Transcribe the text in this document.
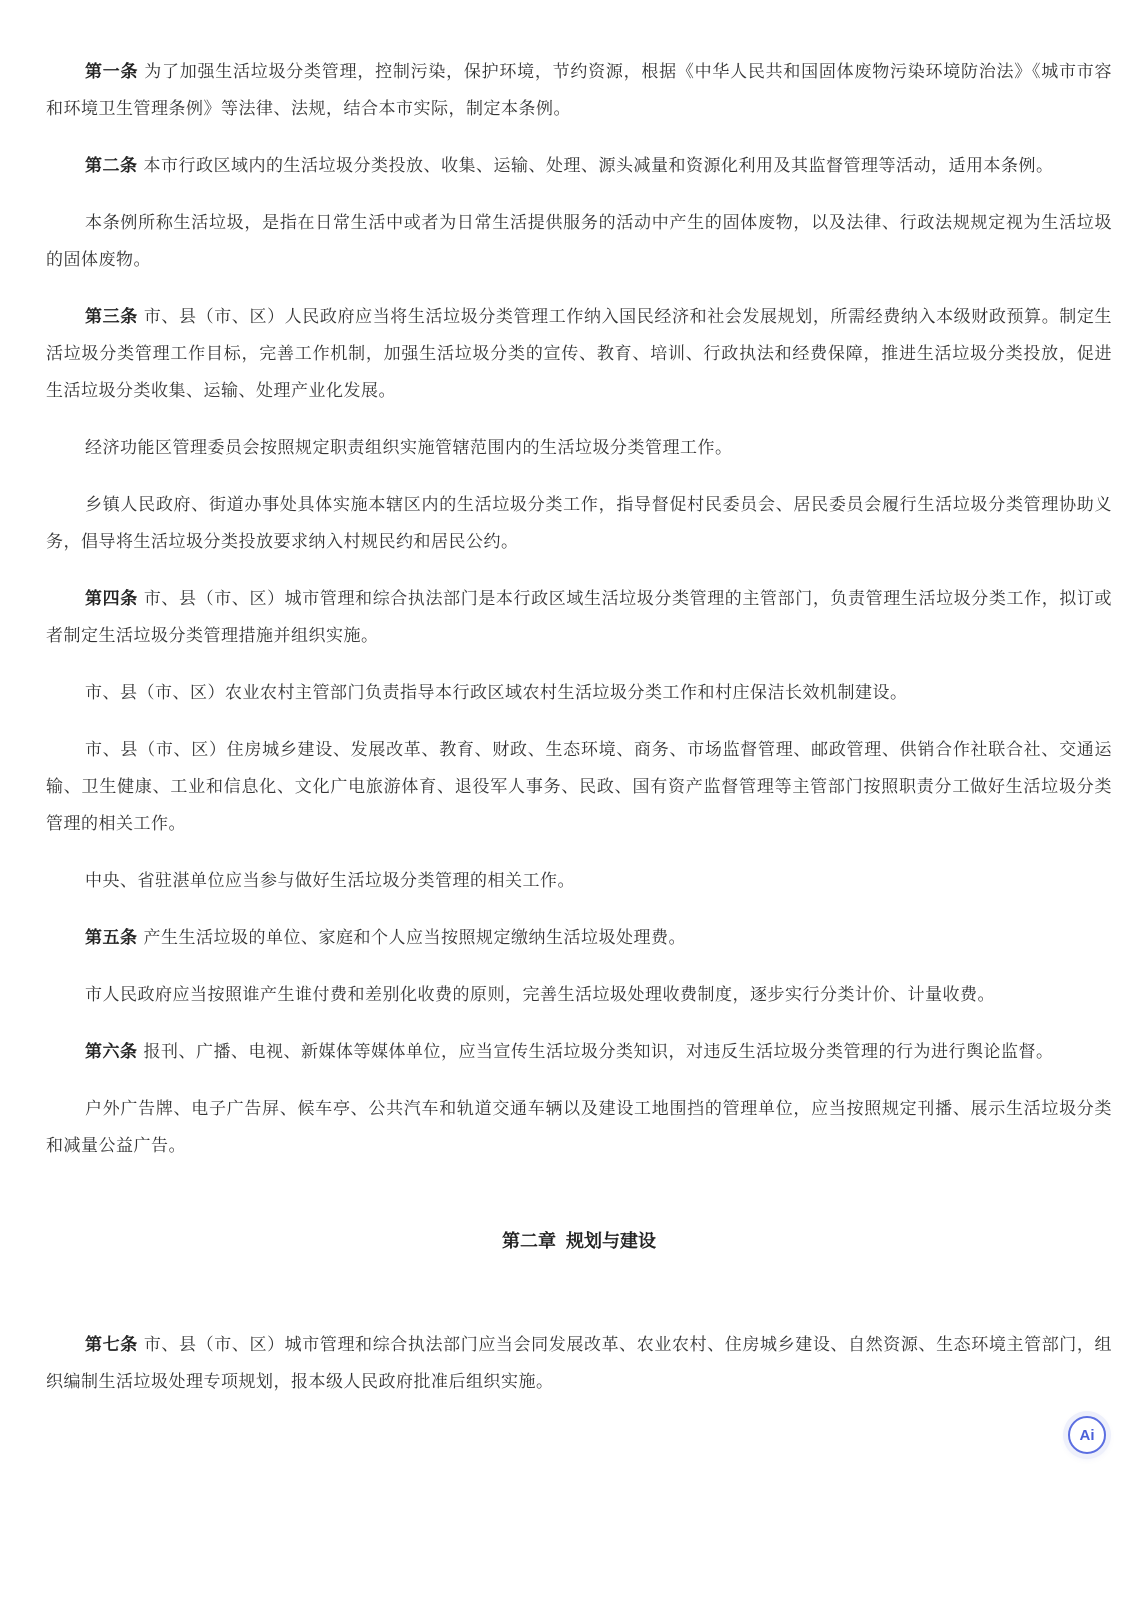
第一条 为了加强生活垃圾分类管理，控制污染，保护环境，节约资源，根据《中华人民共和国固体废物污染环境防治法》《城市市容和环境卫生管理条例》等法律、法规，结合本市实际，制定本条例。

第二条 本市行政区域内的生活垃圾分类投放、收集、运输、处理、源头减量和资源化利用及其监督管理等活动，适用本条例。

本条例所称生活垃圾，是指在日常生活中或者为日常生活提供服务的活动中产生的固体废物，以及法律、行政法规规定视为生活垃圾的固体废物。

第三条 市、县（市、区）人民政府应当将生活垃圾分类管理工作纳入国民经济和社会发展规划，所需经费纳入本级财政预算。制定生活垃圾分类管理工作目标，完善工作机制，加强生活垃圾分类的宣传、教育、培训、行政执法和经费保障，推进生活垃圾分类投放，促进生活垃圾分类收集、运输、处理产业化发展。

经济功能区管理委员会按照规定职责组织实施管辖范围内的生活垃圾分类管理工作。

乡镇人民政府、街道办事处具体实施本辖区内的生活垃圾分类工作，指导督促村民委员会、居民委员会履行生活垃圾分类管理协助义务，倡导将生活垃圾分类投放要求纳入村规民约和居民公约。

第四条 市、县（市、区）城市管理和综合执法部门是本行政区域生活垃圾分类管理的主管部门，负责管理生活垃圾分类工作，拟订或者制定生活垃圾分类管理措施并组织实施。

市、县（市、区）农业农村主管部门负责指导本行政区域农村生活垃圾分类工作和村庄保洁长效机制建设。

市、县（市、区）住房城乡建设、发展改革、教育、财政、生态环境、商务、市场监督管理、邮政管理、供销合作社联合社、交通运输、卫生健康、工业和信息化、文化广电旅游体育、退役军人事务、民政、国有资产监督管理等主管部门按照职责分工做好生活垃圾分类管理的相关工作。

中央、省驻湛单位应当参与做好生活垃圾分类管理的相关工作。

第五条 产生生活垃圾的单位、家庭和个人应当按照规定缴纳生活垃圾处理费。

市人民政府应当按照谁产生谁付费和差别化收费的原则，完善生活垃圾处理收费制度，逐步实行分类计价、计量收费。

第六条 报刊、广播、电视、新媒体等媒体单位，应当宣传生活垃圾分类知识，对违反生活垃圾分类管理的行为进行舆论监督。

户外广告牌、电子广告屏、候车亭、公共汽车和轨道交通车辆以及建设工地围挡的管理单位，应当按照规定刊播、展示生活垃圾分类和减量公益广告。

第二章 规划与建设

第七条 市、县（市、区）城市管理和综合执法部门应当会同发展改革、农业农村、住房城乡建设、自然资源、生态环境主管部门，组织编制生活垃圾处理专项规划，报本级人民政府批准后组织实施。

Ai
